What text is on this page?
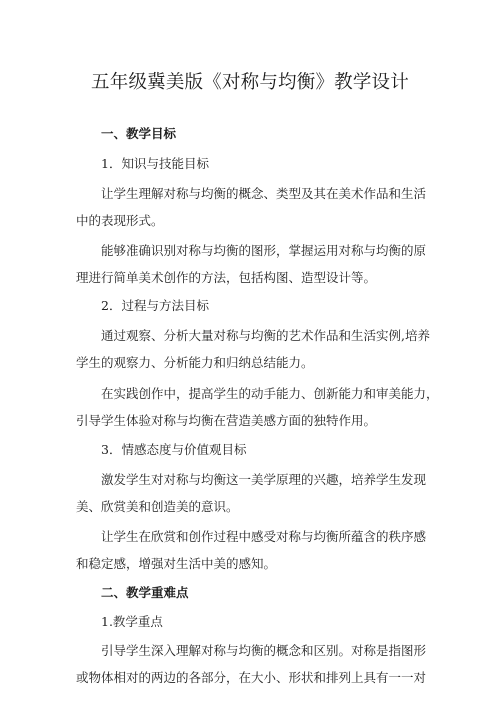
五年级冀美版《对称与均衡》教学设计
一、教学目标
1．知识与技能目标
让学生理解对称与均衡的概念、类型及其在美术作品和生活
中的表现形式。
能够准确识别对称与均衡的图形，掌握运用对称与均衡的原
理进行简单美术创作的方法，包括构图、造型设计等。
2．过程与方法目标
通过观察、分析大量对称与均衡的艺术作品和生活实例,培养
学生的观察力、分析能力和归纳总结能力。
在实践创作中，提高学生的动手能力、创新能力和审美能力，
引导学生体验对称与均衡在营造美感方面的独特作用。
3．情感态度与价值观目标
激发学生对对称与均衡这一美学原理的兴趣，培养学生发现
美、欣赏美和创造美的意识。
让学生在欣赏和创作过程中感受对称与均衡所蕴含的秩序感
和稳定感，增强对生活中美的感知。
二、教学重难点
1.教学重点
引导学生深入理解对称与均衡的概念和区别。对称是指图形
或物体相对的两边的各部分，在大小、形状和排列上具有一一对
